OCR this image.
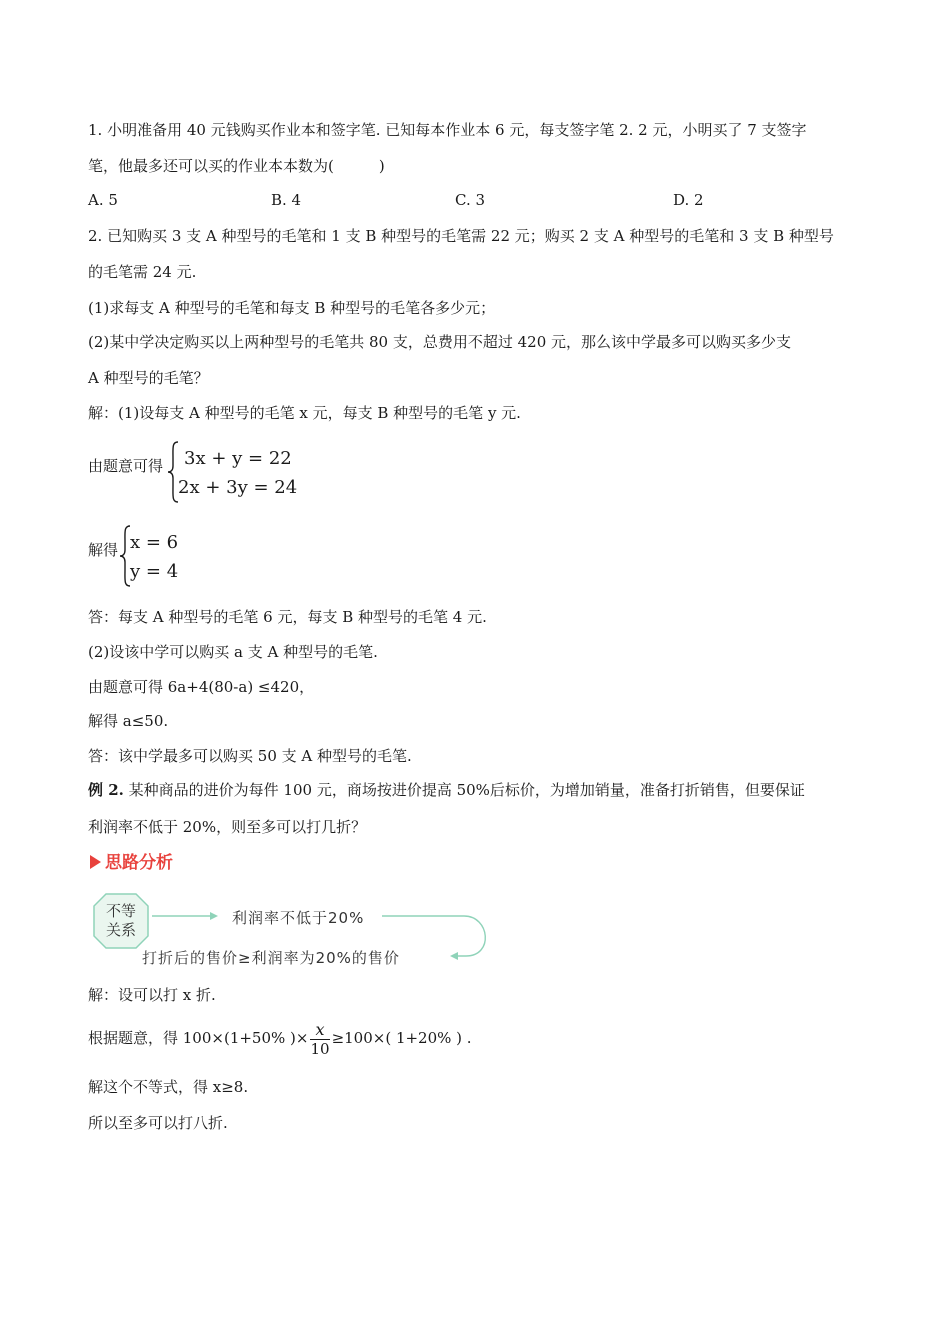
1. 小明准备用 40 元钱购买作业本和签字笔. 已知每本作业本 6 元，每支签字笔 2. 2 元，小明买了 7 支签字
笔，他最多还可以买的作业本本数为(　　　)
A. 5	B. 4	C. 3	D. 2
2. 已知购买 3 支 A 种型号的毛笔和 1 支 B 种型号的毛笔需 22 元；购买 2 支 A 种型号的毛笔和 3 支 B 种型号
的毛笔需 24 元.
(1)求每支 A 种型号的毛笔和每支 B 种型号的毛笔各多少元；
(2)某中学决定购买以上两种型号的毛笔共 80 支，总费用不超过 420 元，那么该中学最多可以购买多少支
A 种型号的毛笔？
解：(1)设每支 A 种型号的毛笔 x 元，每支 B 种型号的毛笔 y 元.
由题意可得 3x + y = 22
2x + 3y = 24
解得 x = 6
y = 4
答：每支 A 种型号的毛笔 6 元，每支 B 种型号的毛笔 4 元.
(2)设该中学可以购买 a 支 A 种型号的毛笔.
由题意可得 6a+4(80-a) ≤420，
解得 a≤50.
答：该中学最多可以购买 50 支 A 种型号的毛笔.
例 2. 某种商品的进价为每件 100 元，商场按进价提高 50%后标价，为增加销量，准备打折销售，但要保证
利润率不低于 20%，则至多可以打几折？
思路分析
不等
关系
利润率不低于20%
打折后的售价≥利润率为20%的售价
解：设可以打 x 折.
根据题意，得 100×(1+50% )× $\frac{x}{10} \ge 100\times$( 1+20% ) .
解这个不等式，得 x≥8.
所以至多可以打八折.
